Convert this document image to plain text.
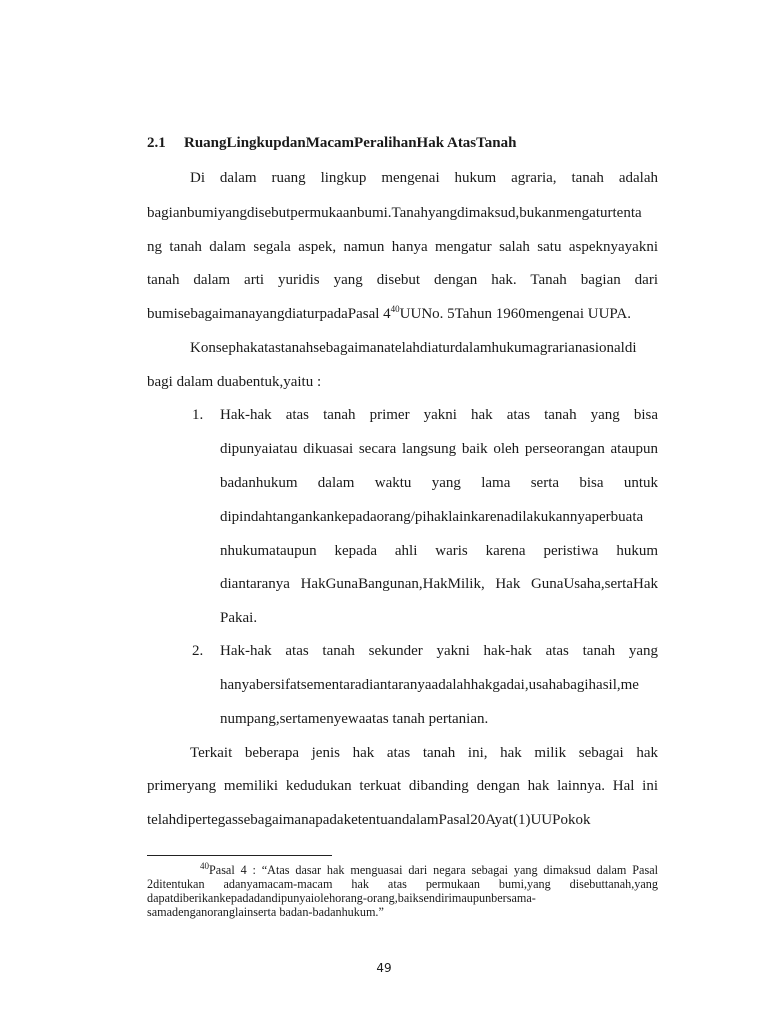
2.1 RuangLingkupdanMacamPeralihanHak AtasTanah
Di dalam ruang lingkup mengenai hukum agraria, tanah adalah
bagianbumiyangdisebutpermukaanbumi.Tanahyangdimaksud,bukanmengaturtenta
ng tanah dalam segala aspek, namun hanya mengatur salah satu aspeknyayakni
tanah dalam arti yuridis yang disebut dengan hak. Tanah bagian dari
bumisebagaimanayangdiaturpadaPasal $4^{40}UUNo$. 5Tahun 1960mengenai UUPA.
Konsephakatastanahsebagaimanatelahdiaturdalamhukumagrarianasionaldi
bagi dalam duabentuk,yaitu :
1. Hak-hak atas tanah primer yakni hak atas tanah yang bisa
dipunyaiatau dikuasai secara langsung baik oleh perseorangan ataupun
badanhukum dalam waktu yang lama serta bisa untuk
dipindahtangankankepadaorang/pihaklainkarenadilakukannyaperbuata
nhukumataupun kepada ahli waris karena peristiwa hukum
diantaranya HakGunaBangunan,HakMilik, Hak GunaUsaha,sertaHak
Pakai.
2. Hak-hak atas tanah sekunder yakni hak-hak atas tanah yang
hanyabersifatsementaradiantaranyaadalahhakgadai,usahabagihasil,me
numpang,sertamenyewaatas tanah pertanian.
Terkait beberapa jenis hak atas tanah ini, hak milik sebagai hak
primeryang memiliki kedudukan terkuat dibanding dengan hak lainnya. Hal ini
telahdipertegassebagaimanapadaketentuandalamPasal20Ayat(1)UUPokok
$^{40}$Pasal 4 : “Atas dasar hak menguasai dari negara sebagai yang dimaksud dalam Pasal
2ditentukan adanyamacam-macam hak atas permukaan bumi,yang disebuttanah,yang
dapatdiberikankepadadandipunyaiolehorang-orang,baiksendirimaupunbersama-
samadenganoranglainserta badan-badanhukum.”
49
